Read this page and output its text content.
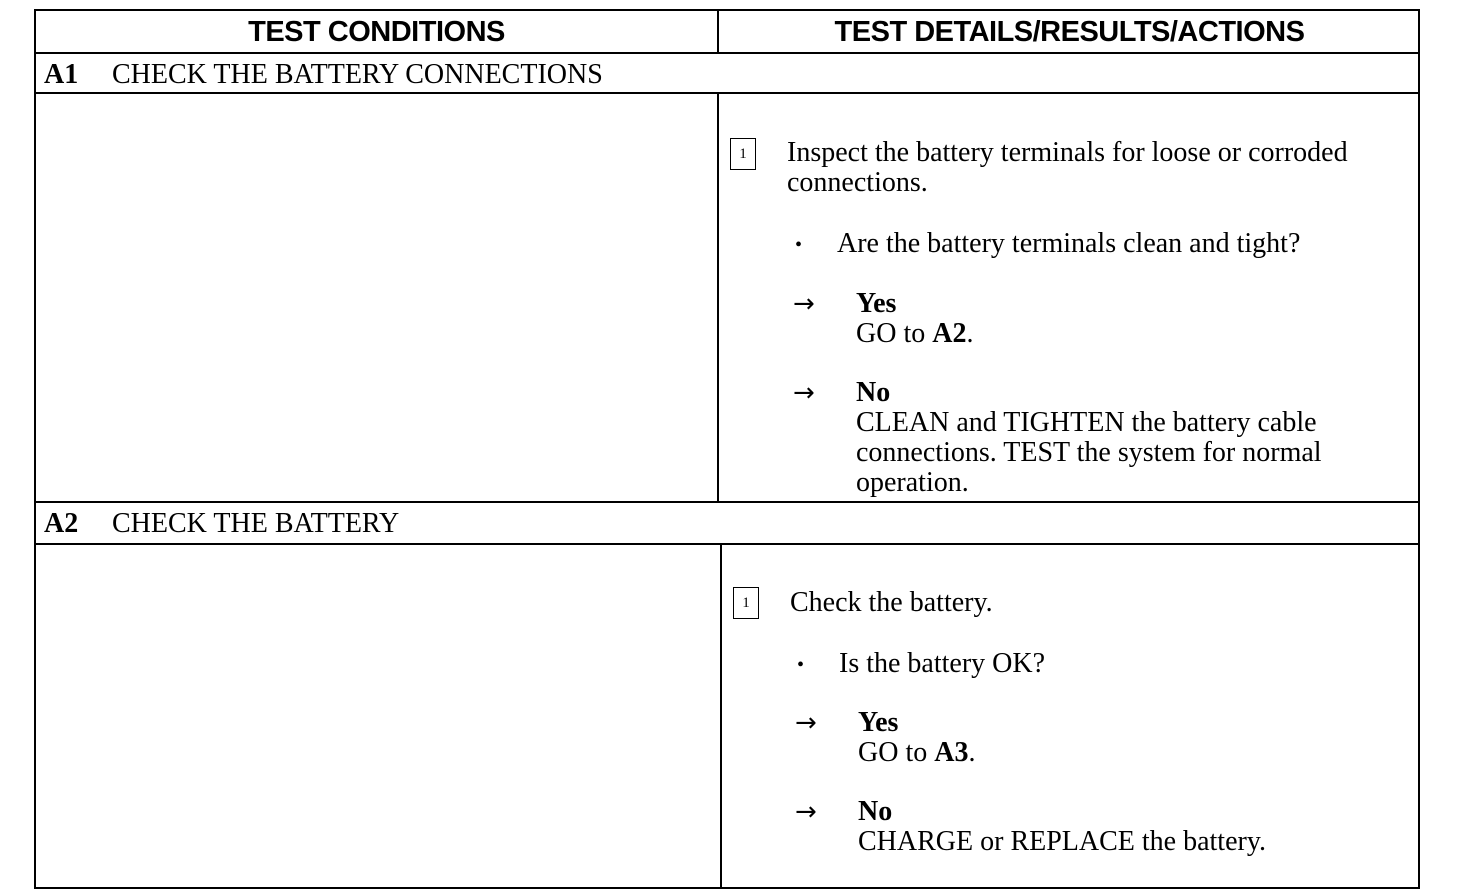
TEST CONDITIONS	TEST DETAILS/RESULTS/ACTIONS
A1 CHECK THE BATTERY CONNECTIONS
1	Inspect the battery terminals for loose or corroded connections.
• Are the battery terminals clean and tight?
→ Yes
GO to A2.
→ No
CLEAN and TIGHTEN the battery cable connections. TEST the system for normal operation.
A2 CHECK THE BATTERY
1	Check the battery.
• Is the battery OK?
→ Yes
GO to A3.
→ No
CHARGE or REPLACE the battery.
